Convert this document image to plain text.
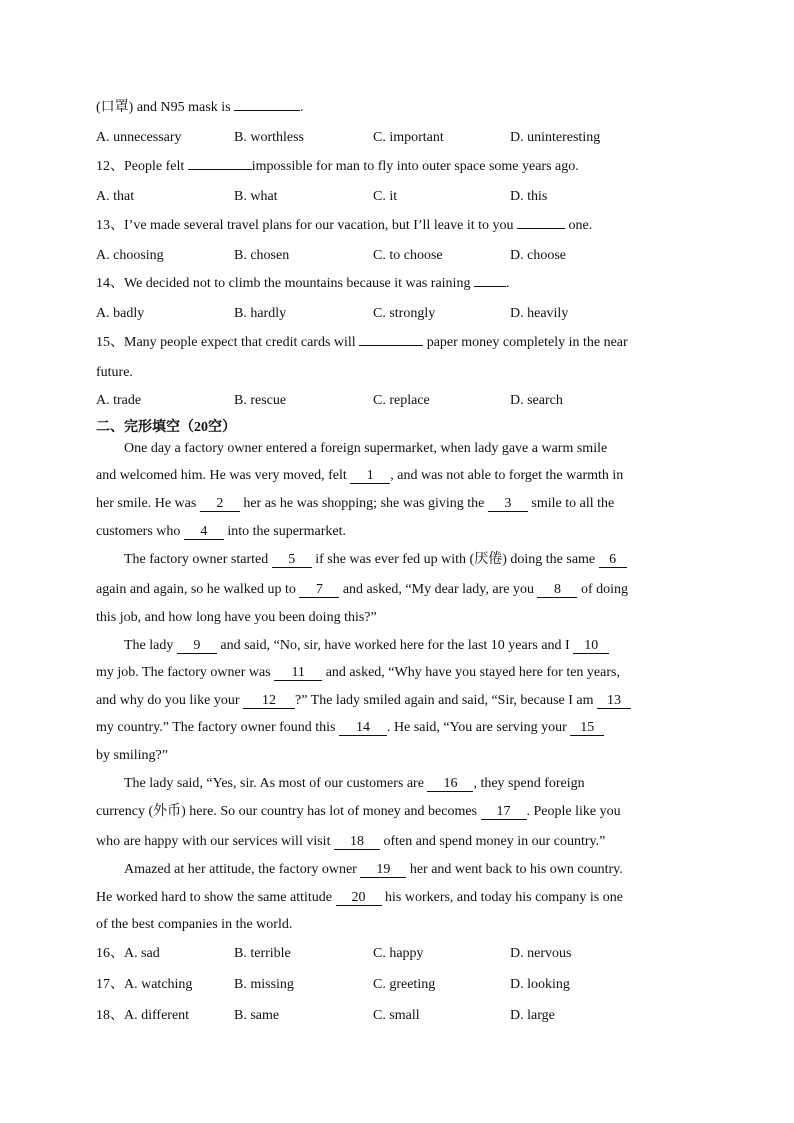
(口罩) and N95 mask is	.
A. unnecessary	B. worthless	C. important	D. uninteresting
12、People felt	impossible for man to fly into outer space some years ago.
A. that	B. what	C. it	D. this
13、I’ve made several travel plans for our vacation, but I’ll leave it to you	one.
A. choosing	B. chosen	C. to choose	D. choose
14、We decided not to climb the mountains because it was raining .
A. badly	B. hardly	C. strongly	D. heavily
15、Many people expect that credit cards will	paper money completely in the near
future.
A. trade	B. rescue	C. replace	D. search
二、完形填空（20空）
One day a factory owner entered a foreign supermarket, when lady gave a warm smile
and welcomed him. He was very moved, felt 1 , and was not able to forget the warmth in
her smile. He was 2 her as he was shopping; she was giving the 3 smile to all the
customers who 4 into the supermarket.
The factory owner started 5 if she was ever fed up with (厌倦) doing the same 6
again and again, so he walked up to 7 and asked, “My dear lady, are you 8 of doing
this job, and how long have you been doing this?”
The lady 9 and said, “No, sir, have worked here for the last 10 years and I 10
my job. The factory owner was 11 and asked, “Why have you stayed here for ten years,
and why do you like your 12 ?” The lady smiled again and said, “Sir, because I am 13
my country.” The factory owner found this 14 . He said, “You are serving your 15
by smiling?”
The lady said, “Yes, sir. As most of our customers are 16 , they spend foreign
currency (外币) here. So our country has lot of money and becomes 17 . People like you
who are happy with our services will visit 18 often and spend money in our country.”
Amazed at her attitude, the factory owner 19 her and went back to his own country.
He worked hard to show the same attitude 20 his workers, and today his company is one
of the best companies in the world.
16、A. sad	B. terrible	C. happy	D. nervous
17、A. watching	B. missing	C. greeting	D. looking
18、A. different	B. same	C. small	D. large
